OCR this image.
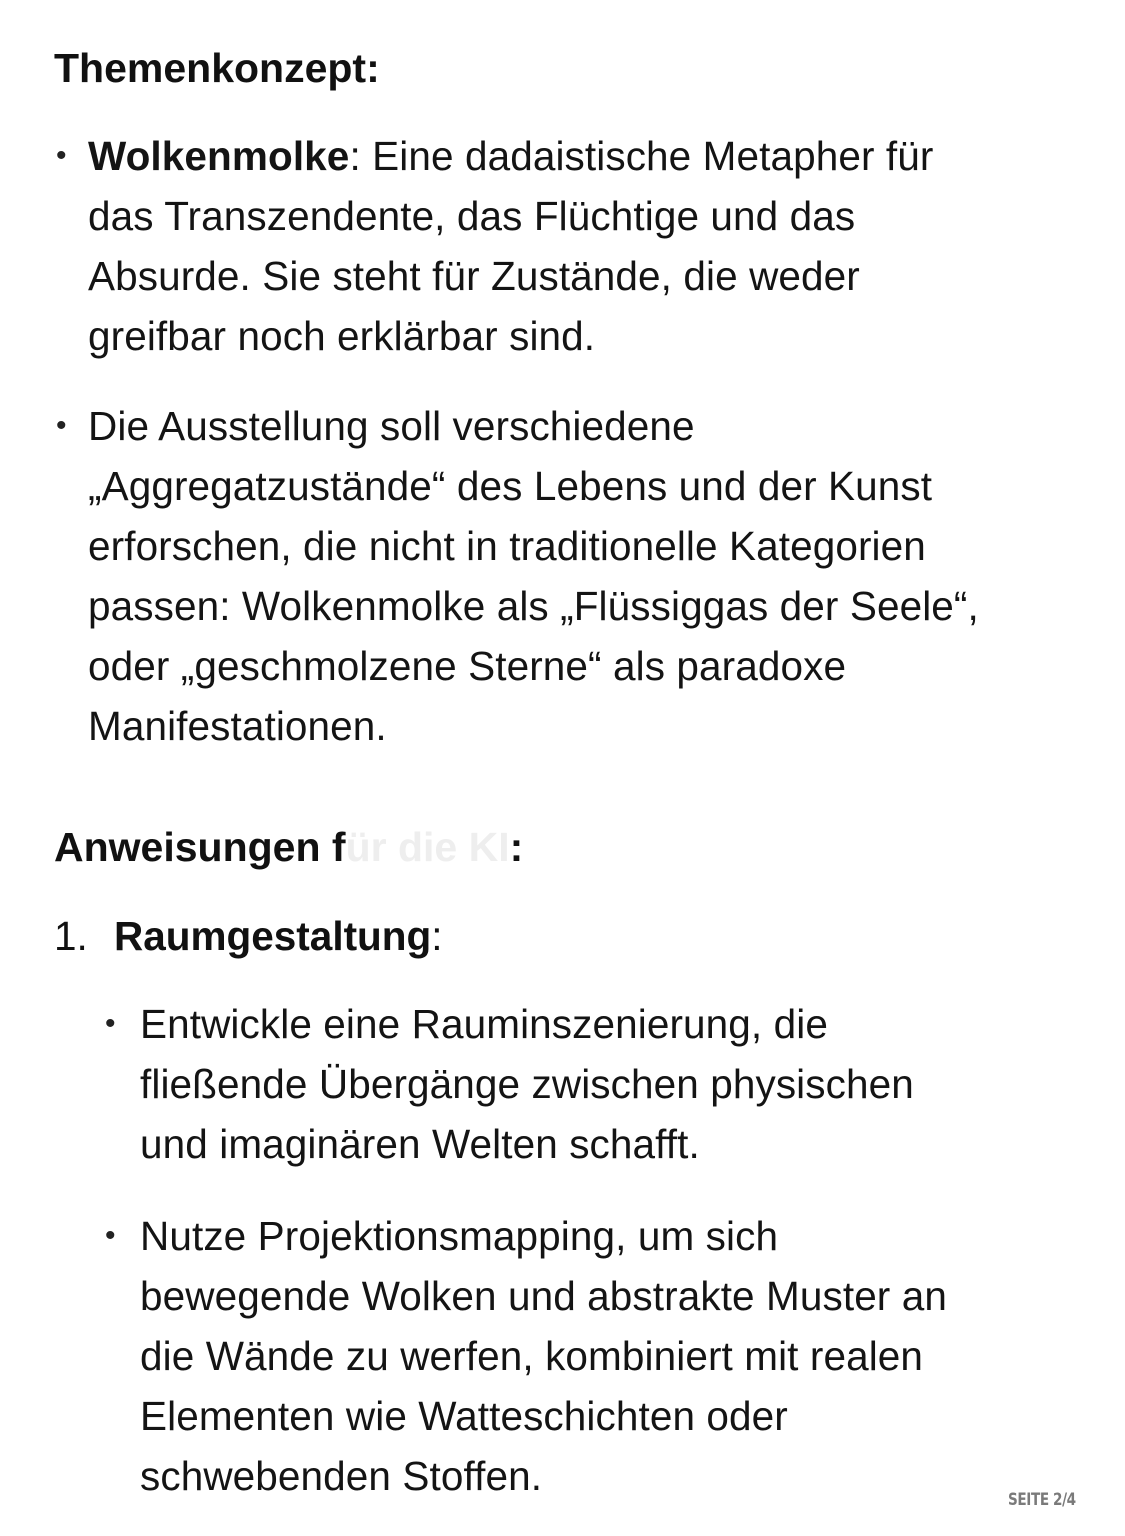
Themenkonzept:
• Wolkenmolke: Eine dadaistische Metapher für
das Transzendente, das Flüchtige und das
Absurde. Sie steht für Zustände, die weder
greifbar noch erklärbar sind.
• Die Ausstellung soll verschiedene
„Aggregatzustände“ des Lebens und der Kunst
erforschen, die nicht in traditionelle Kategorien
passen: Wolkenmolke als „Flüssiggas der Seele“,
oder „geschmolzene Sterne“ als paradoxe
Manifestationen.
Anweisungen für die KI:
1. Raumgestaltung:
• Entwickle eine Rauminszenierung, die
fließende Übergänge zwischen physischen
und imaginären Welten schafft.
• Nutze Projektionsmapping, um sich
bewegende Wolken und abstrakte Muster an
die Wände zu werfen, kombiniert mit realen
Elementen wie Watteschichten oder
schwebenden Stoffen.
SEITE 2/4
